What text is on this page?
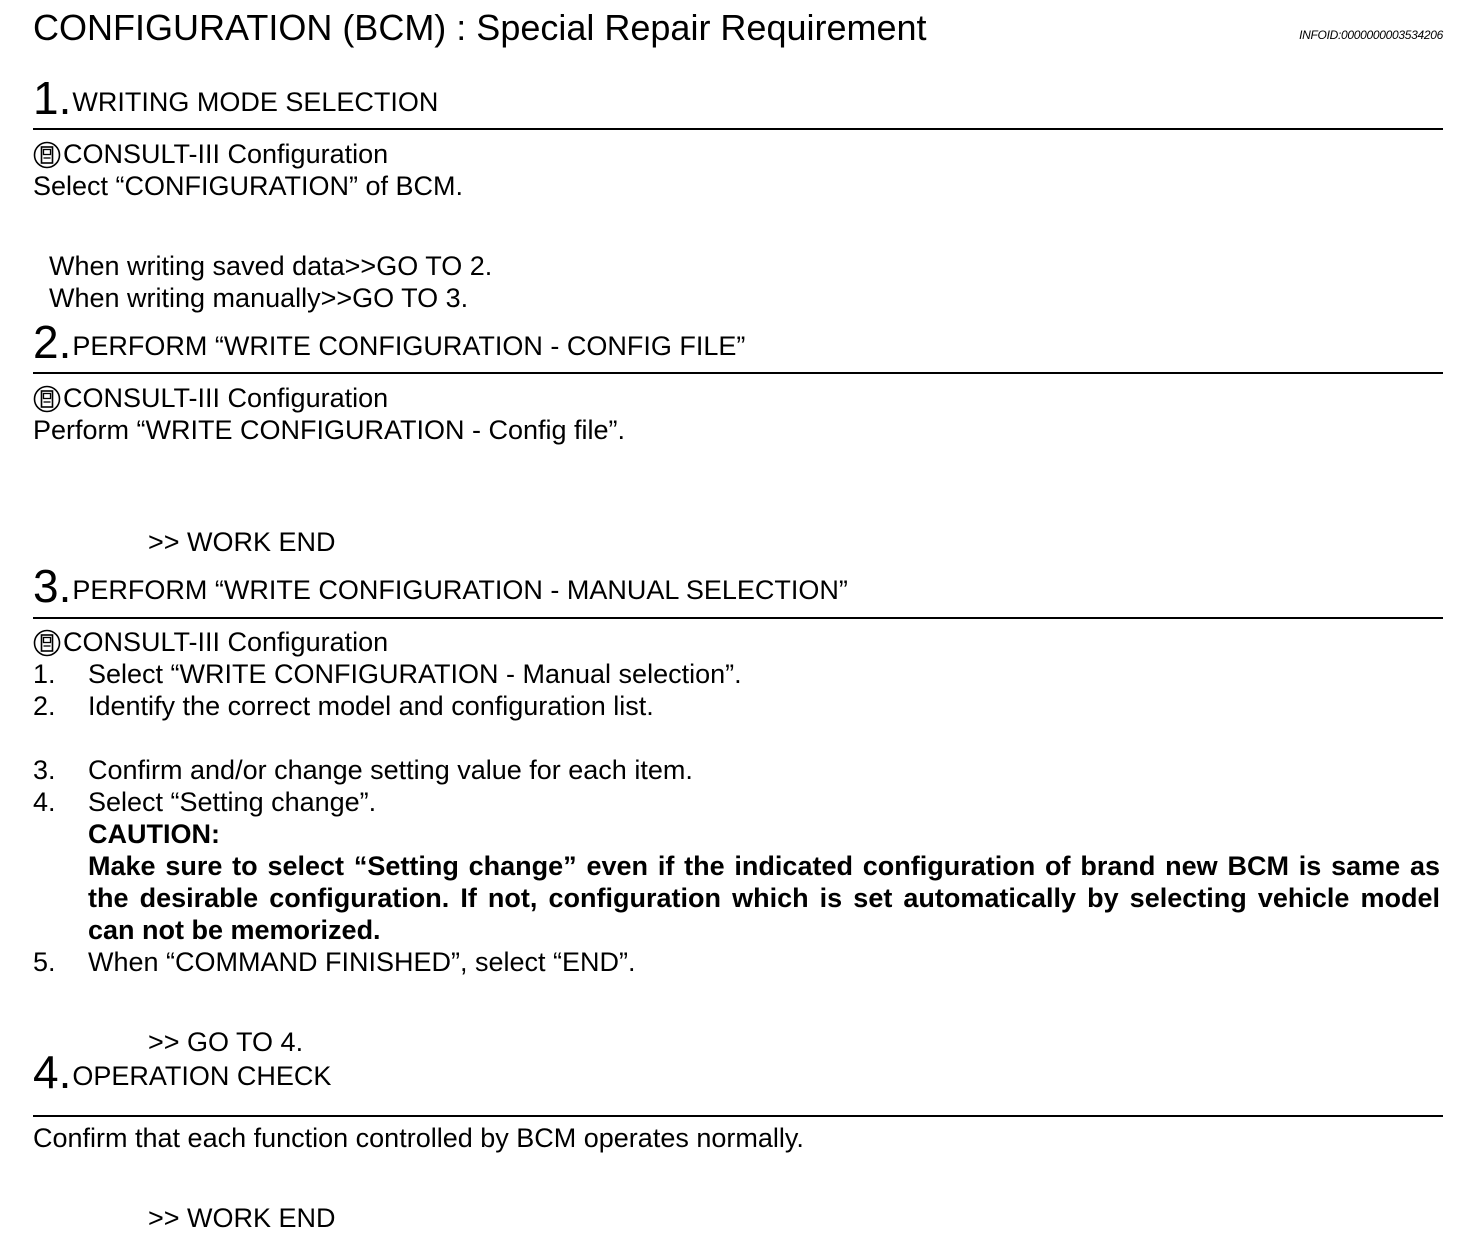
CONFIGURATION (BCM) : Special Repair Requirement	INFOID:0000000003534206
1.WRITING MODE SELECTION
CONSULT-III Configuration
Select “CONFIGURATION” of BCM.
When writing saved data>>GO TO 2.
When writing manually>>GO TO 3.
2.PERFORM “WRITE CONFIGURATION - CONFIG FILE”
CONSULT-III Configuration
Perform “WRITE CONFIGURATION - Config file”.
>> WORK END
3.PERFORM “WRITE CONFIGURATION - MANUAL SELECTION”
CONSULT-III Configuration
1. Select “WRITE CONFIGURATION - Manual selection”.
2. Identify the correct model and configuration list.
3. Confirm and/or change setting value for each item.
4. Select “Setting change”.
CAUTION:
Make sure to select “Setting change” even if the indicated configuration of brand new BCM is same as the desirable configuration. If not, configuration which is set automatically by selecting vehicle model can not be memorized.
5. When “COMMAND FINISHED”, select “END”.
>> GO TO 4.
4.OPERATION CHECK
Confirm that each function controlled by BCM operates normally.
>> WORK END
